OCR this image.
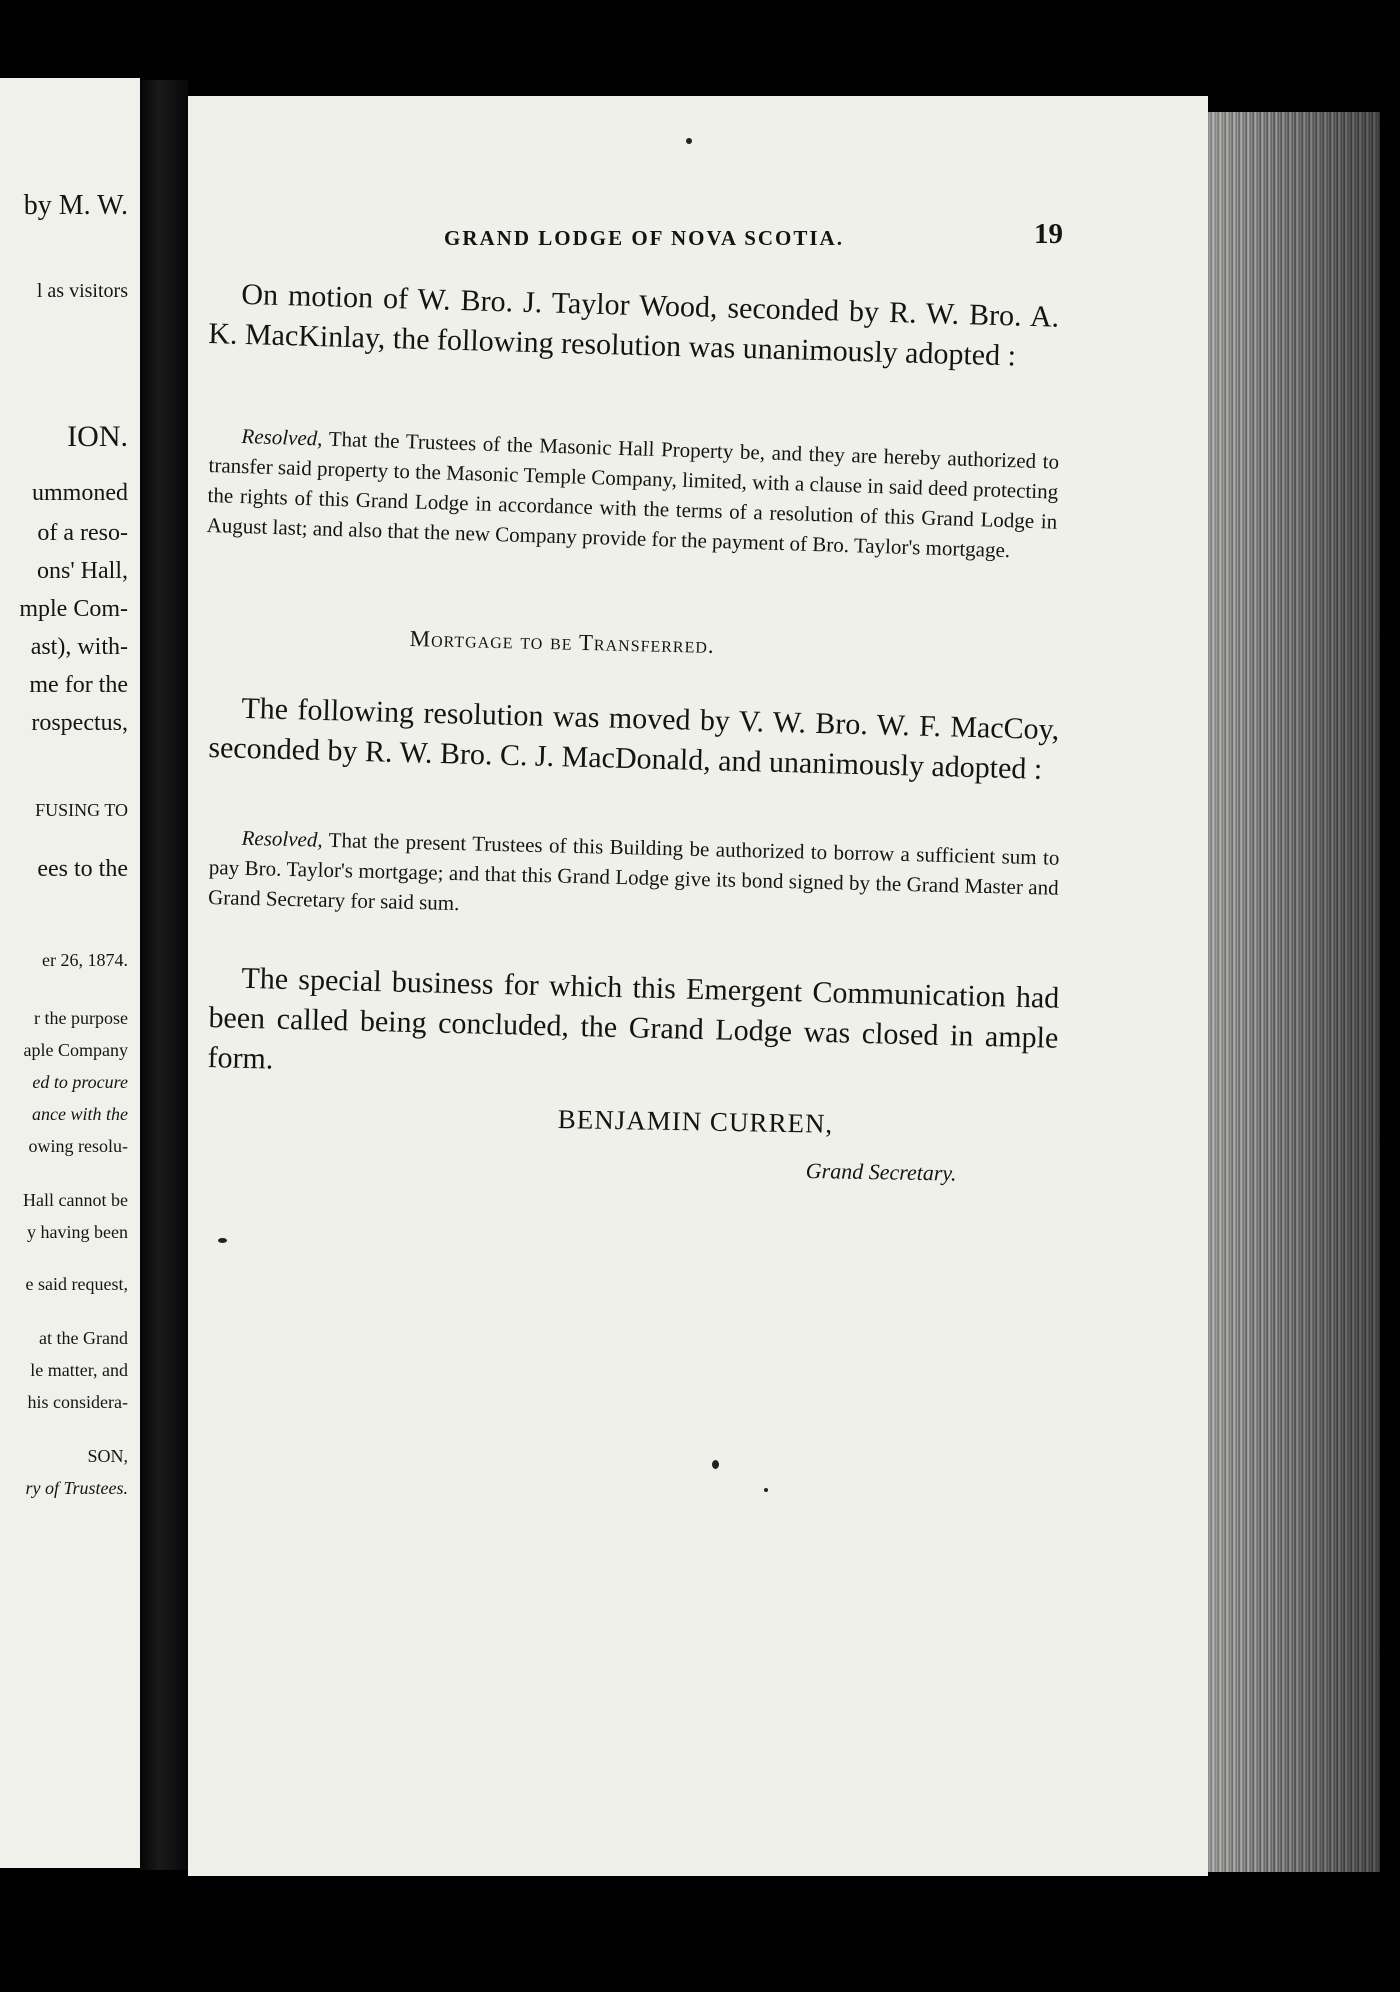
by M. W.
l as visitors
ION.
ummoned
of a reso-
ons' Hall,
mple Com-
ast), with-
me for the
rospectus,
FUSING TO
ees to the
er 26, 1874.
r the purpose
aple Company
ed to procure
ance with the
owing resolu-
Hall cannot be
y having been
e said request,
at the Grand
le matter, and
his considera-
SON,
ry of Trustees.
GRAND LODGE OF NOVA SCOTIA.	19

On motion of W. Bro. J. Taylor Wood, seconded by R. W. Bro. A. K. MacKinlay, the following resolution was unanimously adopted :

Resolved, That the Trustees of the Masonic Hall Property be, and they are hereby authorized to transfer said property to the Masonic Temple Company, limited, with a clause in said deed protecting the rights of this Grand Lodge in accordance with the terms of a resolution of this Grand Lodge in August last; and also that the new Company provide for the payment of Bro. Taylor's mortgage.

Mortgage to be Transferred.

The following resolution was moved by V. W. Bro. W. F. MacCoy, seconded by R. W. Bro. C. J. MacDonald, and unanimously adopted :

Resolved, That the present Trustees of this Building be authorized to borrow a sufficient sum to pay Bro. Taylor's mortgage; and that this Grand Lodge give its bond signed by the Grand Master and Grand Secretary for said sum.

The special business for which this Emergent Communication had been called being concluded, the Grand Lodge was closed in ample form.

BENJAMIN CURREN,
Grand Secretary.
